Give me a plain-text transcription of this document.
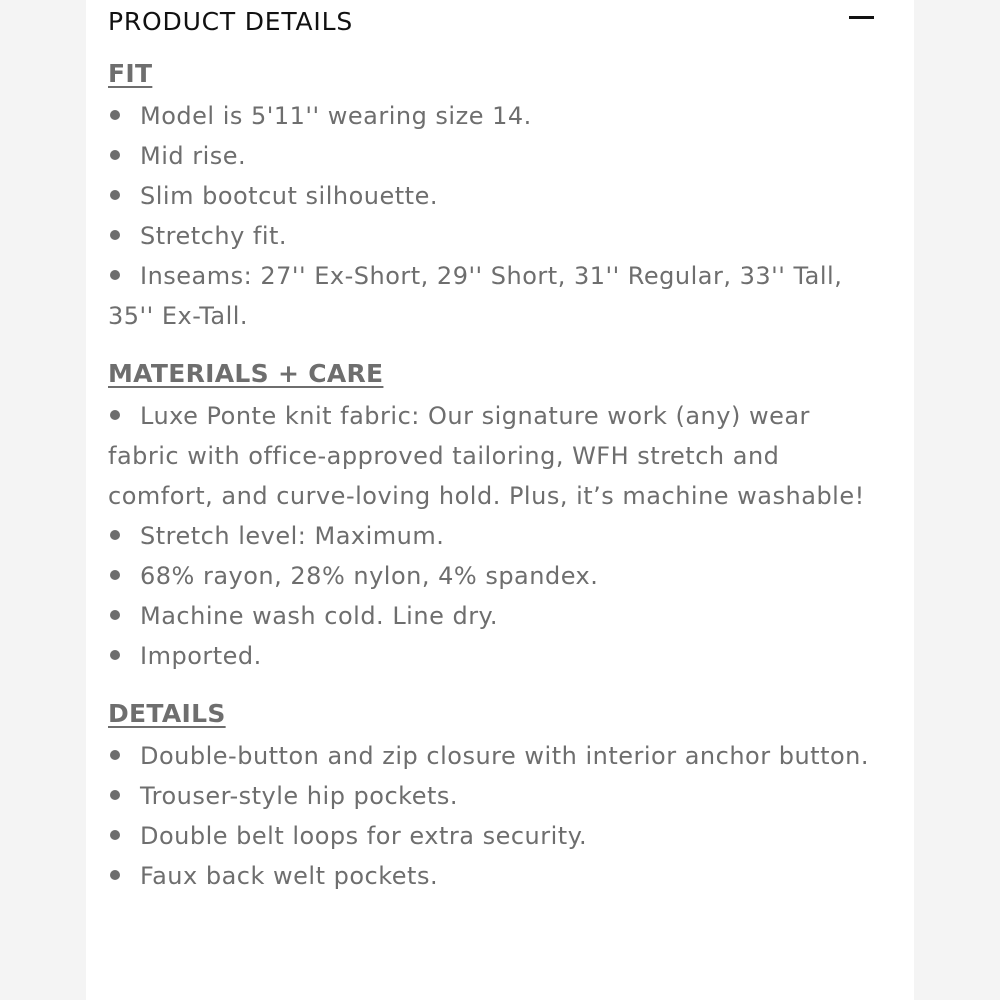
PRODUCT DETAILS
FIT
Model is 5'11'' wearing size 14.
Mid rise.
Slim bootcut silhouette.
Stretchy fit.
Inseams: 27'' Ex-Short, 29'' Short, 31'' Regular, 33'' Tall, 35'' Ex-Tall.
MATERIALS + CARE
Luxe Ponte knit fabric: Our signature work (any) wear fabric with office-approved tailoring, WFH stretch and comfort, and curve-loving hold. Plus, it’s machine washable!
Stretch level: Maximum.
68% rayon, 28% nylon, 4% spandex.
Machine wash cold. Line dry.
Imported.
DETAILS
Double-button and zip closure with interior anchor button.
Trouser-style hip pockets.
Double belt loops for extra security.
Faux back welt pockets.
